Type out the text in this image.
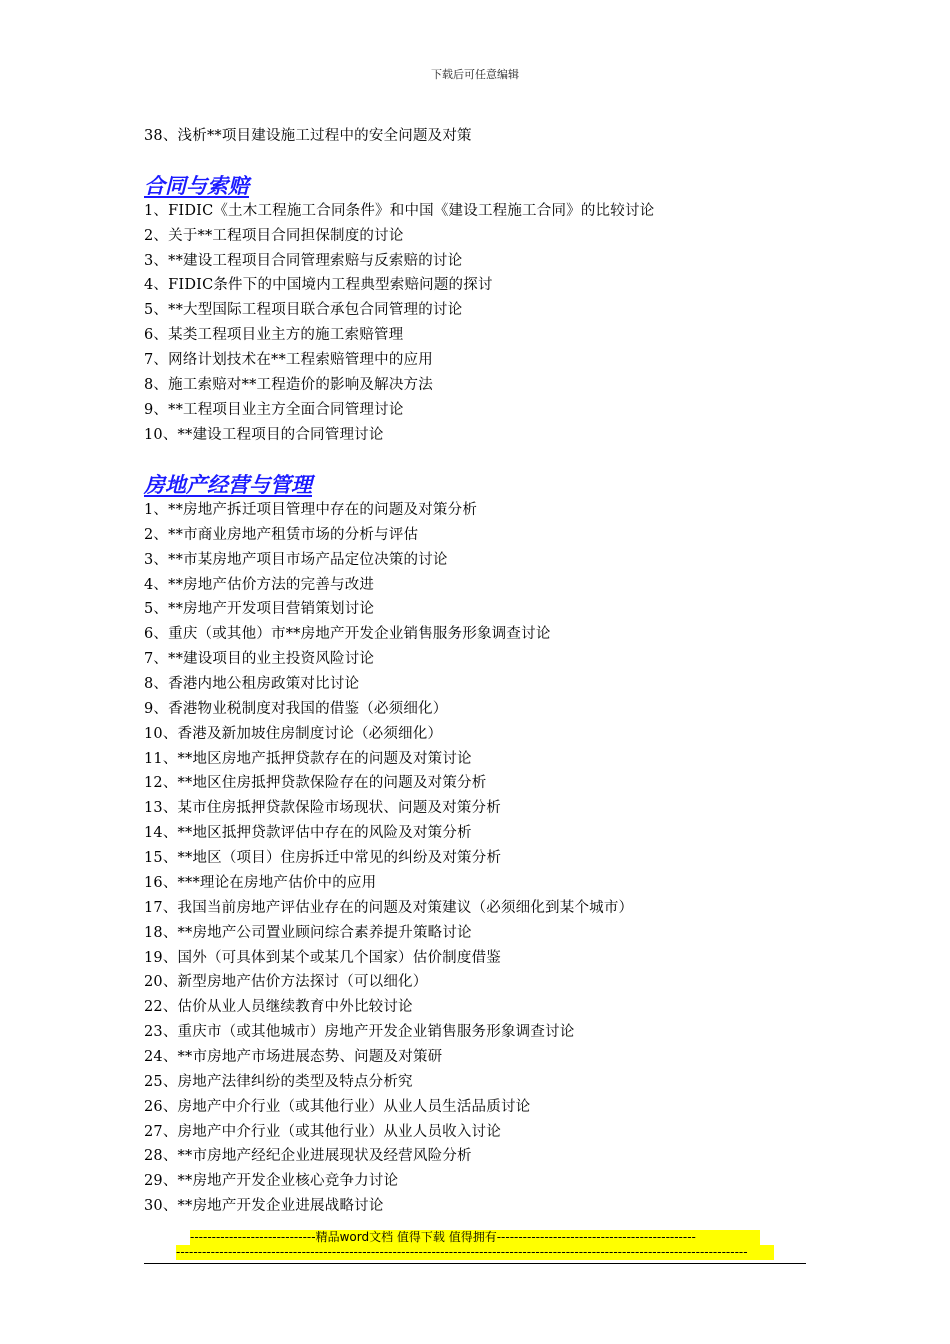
下载后可任意编辑
38、浅析**项目建设施工过程中的安全问题及对策
合同与索赔
1、FIDIC《土木工程施工合同条件》和中国《建设工程施工合同》的比较讨论
2、关于**工程项目合同担保制度的讨论
3、**建设工程项目合同管理索赔与反索赔的讨论
4、FIDIC条件下的中国境内工程典型索赔问题的探讨
5、**大型国际工程项目联合承包合同管理的讨论
6、某类工程项目业主方的施工索赔管理
7、网络计划技术在**工程索赔管理中的应用
8、施工索赔对**工程造价的影响及解决方法
9、**工程项目业主方全面合同管理讨论
10、**建设工程项目的合同管理讨论
房地产经营与管理
1、**房地产拆迁项目管理中存在的问题及对策分析
2、**市商业房地产租赁市场的分析与评估
3、**市某房地产项目市场产品定位决策的讨论
4、**房地产估价方法的完善与改进
5、**房地产开发项目营销策划讨论
6、重庆（或其他）市**房地产开发企业销售服务形象调查讨论
7、**建设项目的业主投资风险讨论
8、香港内地公租房政策对比讨论
9、香港物业税制度对我国的借鉴（必须细化）
10、香港及新加坡住房制度讨论（必须细化）
11、**地区房地产抵押贷款存在的问题及对策讨论
12、**地区住房抵押贷款保险存在的问题及对策分析
13、某市住房抵押贷款保险市场现状、问题及对策分析
14、**地区抵押贷款评估中存在的风险及对策分析
15、**地区（项目）住房拆迁中常见的纠纷及对策分析
16、***理论在房地产估价中的应用
17、我国当前房地产评估业存在的问题及对策建议（必须细化到某个城市）
18、**房地产公司置业顾问综合素养提升策略讨论
19、国外（可具体到某个或某几个国家）估价制度借鉴
20、新型房地产估价方法探讨（可以细化）
22、估价从业人员继续教育中外比较讨论
23、重庆市（或其他城市）房地产开发企业销售服务形象调查讨论
24、**市房地产市场进展态势、问题及对策研
25、房地产法律纠纷的类型及特点分析究
26、房地产中介行业（或其他行业）从业人员生活品质讨论
27、房地产中介行业（或其他行业）从业人员收入讨论
28、**市房地产经纪企业进展现状及经营风险分析
29、**房地产开发企业核心竞争力讨论
30、**房地产开发企业进展战略讨论
-----------------------------精品word文档 值得下载 值得拥有----------------------------------------------
------------------------------------------------------------------------------------------------------------------------------------
